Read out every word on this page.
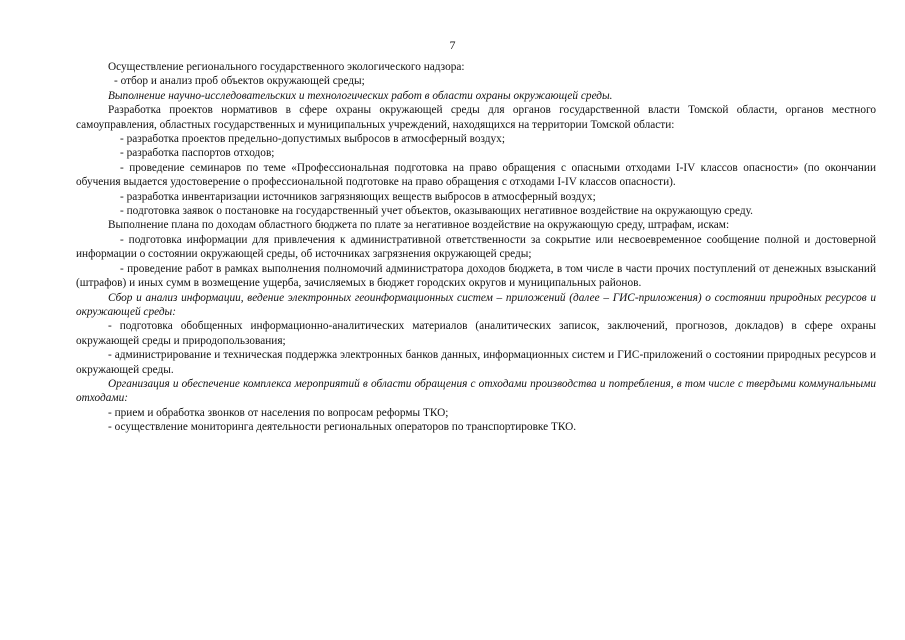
7

Осуществление регионального государственного экологического надзора:

- отбор и анализ проб объектов окружающей среды;

Выполнение научно-исследовательских и технологических работ в области охраны окружающей среды.

Разработка проектов нормативов в сфере охраны окружающей среды для органов государственной власти Томской области, органов местного самоуправления, областных государственных и муниципальных учреждений, находящихся на территории Томской области:

- разработка проектов предельно-допустимых выбросов в атмосферный воздух;

- разработка паспортов отходов;

- проведение семинаров по теме «Профессиональная подготовка на право обращения с опасными отходами I-IV классов опасности» (по окончании обучения выдается удостоверение о профессиональной подготовке на право обращения с отходами I-IV классов опасности).

- разработка инвентаризации источников загрязняющих веществ выбросов в атмосферный воздух;

- подготовка заявок о постановке на государственный учет объектов, оказывающих негативное воздействие на окружающую среду.

Выполнение плана по доходам областного бюджета по плате за негативное воздействие на окружающую среду, штрафам, искам:

- подготовка информации для привлечения к административной ответственности за сокрытие или несвоевременное сообщение полной и достоверной информации о состоянии окружающей среды, об источниках загрязнения окружающей среды;

- проведение работ в рамках выполнения полномочий администратора доходов бюджета, в том числе в части прочих поступлений от денежных взысканий (штрафов) и иных сумм в возмещение ущерба, зачисляемых в бюджет городских округов и муниципальных районов.

Сбор и анализ информации, ведение электронных геоинформационных систем – приложений (далее – ГИС-приложения) о состоянии природных ресурсов и окружающей среды:

- подготовка обобщенных информационно-аналитических материалов (аналитических записок, заключений, прогнозов, докладов) в сфере охраны окружающей среды и природопользования;

- администрирование и техническая поддержка электронных банков данных, информационных систем и ГИС-приложений о состоянии природных ресурсов и окружающей среды.

Организация и обеспечение комплекса мероприятий в области обращения с отходами производства и потребления, в том числе с твердыми коммунальными отходами:

- прием и обработка звонков от населения по вопросам реформы ТКО;

- осуществление мониторинга деятельности региональных операторов по транспортировке ТКО.
